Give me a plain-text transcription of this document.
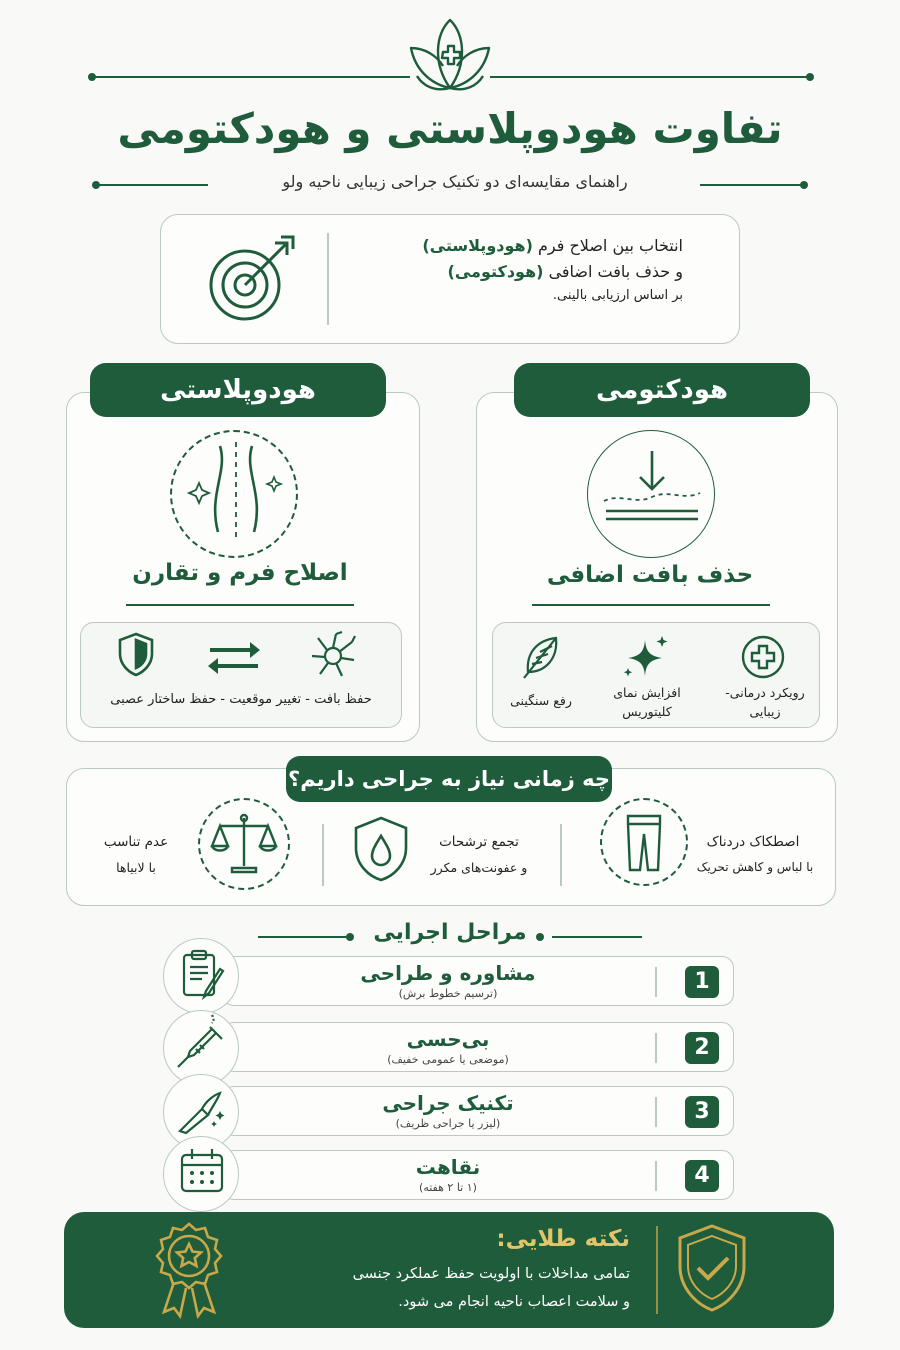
تفاوت هودوپلاستی و هودکتومی
راهنمای مقایسه‌ای دو تکنیک جراحی زیبایی ناحیه ولو
انتخاب بین اصلاح فرم (هودوپلاستی)
و حذف بافت اضافی (هودکتومی)
بر اساس ارزیابی بالینی.
هودوپلاستی
اصلاح فرم و تقارن
حفظ بافت - تغییر موقعیت - حفظ ساختار عصبی
هودکتومی
حذف بافت اضافی
رویکرد درمانی- زیبایی
افزایش نمای کلیتوریس
رفع سنگینی
چه زمانی نیاز به جراحی داریم؟
اصطکاک دردناک
با لباس و کاهش تحریک
تجمع ترشحات
و عفونت‌های مکرر
عدم تناسب
با لابیاها
مراحل اجرایی
1
مشاوره و طراحی
(ترسیم خطوط برش)
2
بی‌حسی
(موضعی یا عمومی خفیف)
3
تکنیک جراحی
(لیزر یا جراحی ظریف)
4
نقاهت
(۱ تا ۲ هفته)
نکته طلایی:
تمامی مداخلات با اولویت حفظ عملکرد جنسی
و سلامت اعصاب ناحیه انجام می شود.
